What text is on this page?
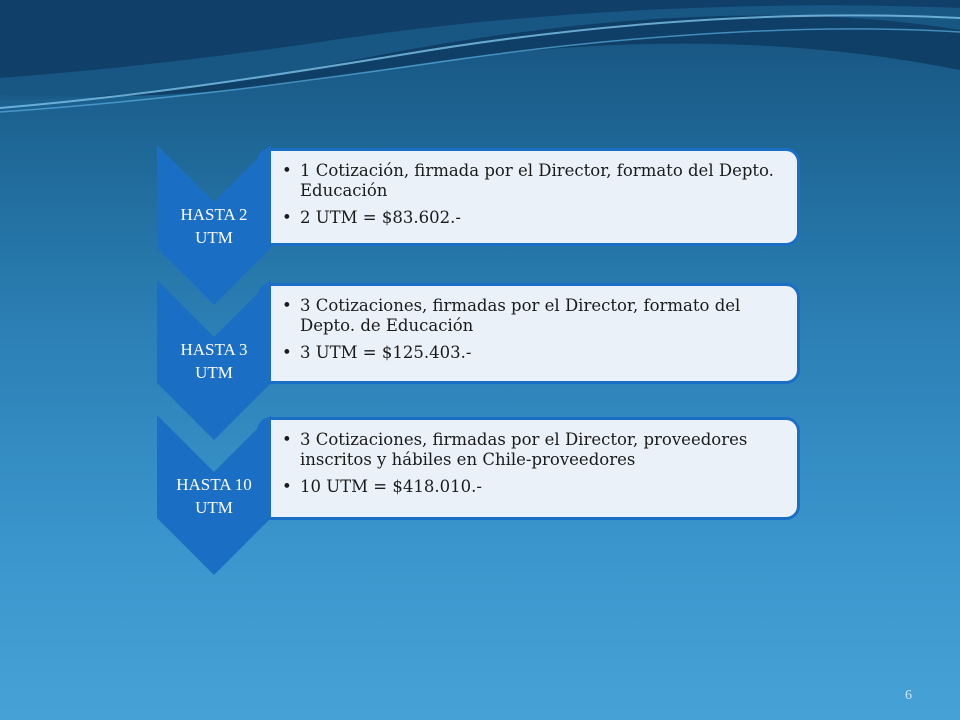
• 1 Cotización, firmada por el Director, formato del Depto. Educación
• 2 UTM = $83.602.-
HASTA 2
UTM
• 3 Cotizaciones, firmadas por el Director, formato del Depto. de Educación
• 3 UTM = $125.403.-
HASTA 3
UTM
• 3 Cotizaciones, firmadas por el Director, proveedores inscritos y hábiles en Chile-proveedores
• 10 UTM = $418.010.-
HASTA 10
UTM
6
